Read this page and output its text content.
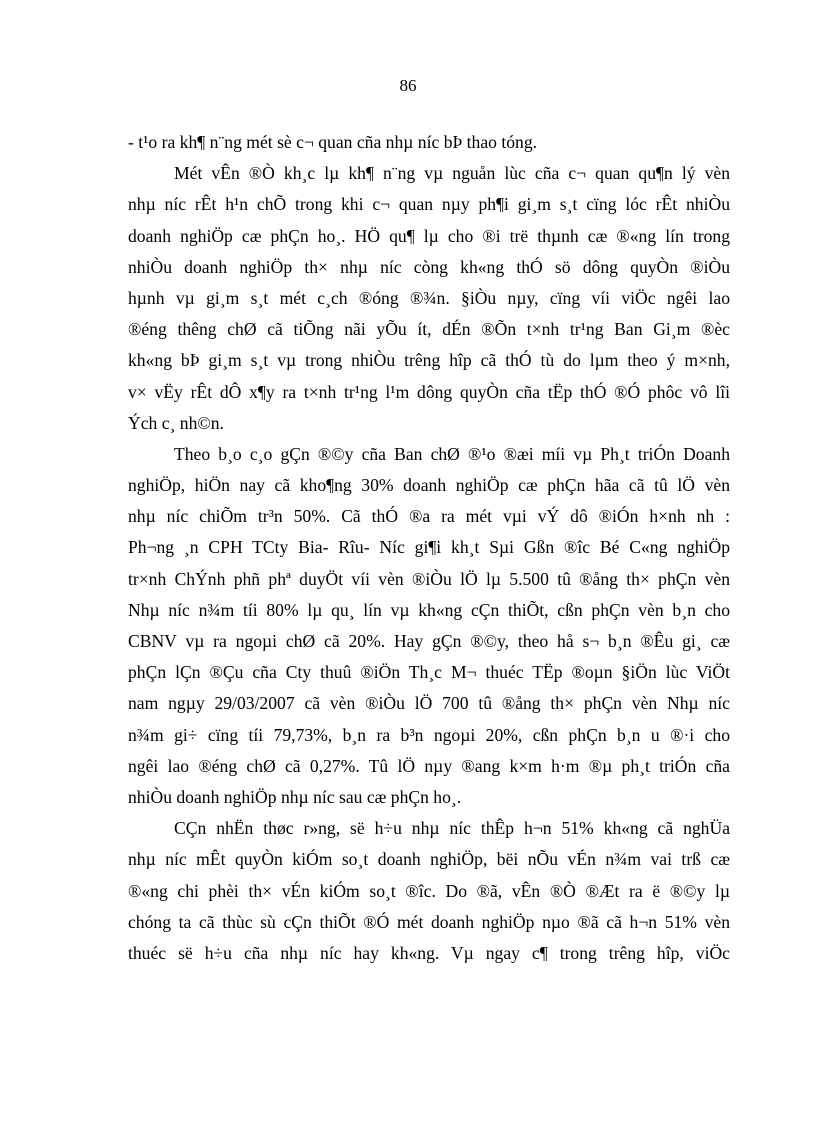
86
- t¹o ra kh¶ n¨ng mét sè c¬ quan cña nhµ níc bÞ thao tóng.
Mét vÊn ®Ò kh¸c lµ kh¶ n¨ng vµ nguån lùc cña c¬ quan qu¶n lý vèn
nhµ níc rÊt h¹n chÕ trong khi c¬ quan nµy ph¶i gi¸m s¸t cïng lóc rÊt nhiÒu
doanh nghiÖp cæ phÇn ho¸. HÖ qu¶ lµ cho ®i trë thµnh cæ ®«ng lín trong
nhiÒu doanh nghiÖp th× nhµ níc còng kh«ng thÓ sö dông quyÒn ®iÒu
hµnh vµ gi¸m s¸t mét c¸ch ®óng ®¾n. §iÒu nµy, cïng víi viÖc ngêi lao
®éng thêng chØ cã tiÕng nãi yÕu ít, dÉn ®Õn t×nh tr¹ng Ban Gi¸m ®èc
kh«ng bÞ gi¸m s¸t vµ trong nhiÒu trêng hîp cã thÓ tù do lµm theo ý m×nh,
v× vËy rÊt dÔ x¶y ra t×nh tr¹ng l¹m dông quyÒn cña tËp thÓ ®Ó phôc vô lîi
Ých c¸ nh©n.
Theo b¸o c¸o gÇn ®©y cña Ban chØ ®¹o ®æi míi vµ Ph¸t triÓn Doanh
nghiÖp, hiÖn nay cã kho¶ng 30% doanh nghiÖp cæ phÇn hãa cã tû lÖ vèn
nhµ níc chiÕm tr³n 50%. Cã thÓ ®a ra mét vµi vÝ dô ®iÓn h×nh nh :
Ph¬ng ¸n CPH TCty Bia- Rîu- Níc gi¶i kh¸t Sµi Gßn ®îc Bé C«ng nghiÖp
tr×nh ChÝnh phñ phª duyÖt víi vèn ®iÒu lÖ lµ 5.500 tû ®ång th× phÇn vèn
Nhµ níc n¾m tíi 80% lµ qu¸ lín vµ kh«ng cÇn thiÕt, cßn phÇn vèn b¸n cho
CBNV vµ ra ngoµi chØ cã 20%. Hay gÇn ®©y, theo hå s¬ b¸n ®Êu gi¸ cæ
phÇn lÇn ®Çu cña Cty thuû ®iÖn Th¸c M¬ thuéc TËp ®oµn §iÖn lùc ViÖt
nam ngµy 29/03/2007 cã vèn ®iÒu lÖ 700 tû ®ång th× phÇn vèn Nhµ níc
n¾m gi÷ cïng tíi 79,73%, b¸n ra b³n ngoµi 20%, cßn phÇn b¸n u ®·i cho
ngêi lao ®éng chØ cã 0,27%. Tû lÖ nµy ®ang k×m h·m ®µ ph¸t triÓn cña
nhiÒu doanh nghiÖp nhµ níc sau cæ phÇn ho¸.
CÇn nhËn thøc r»ng, së h÷u nhµ níc thÊp h¬n 51% kh«ng cã nghÜa
nhµ níc mÊt quyÒn kiÓm so¸t doanh nghiÖp, bëi nÕu vÉn n¾m vai trß cæ
®«ng chi phèi th× vÉn kiÓm so¸t ®îc. Do ®ã, vÊn ®Ò ®Æt ra ë ®©y lµ
chóng ta cã thùc sù cÇn thiÕt ®Ó mét doanh nghiÖp nµo ®ã cã h¬n 51% vèn
thuéc së h÷u cña nhµ níc hay kh«ng. Vµ ngay c¶ trong trêng hîp, viÖc
